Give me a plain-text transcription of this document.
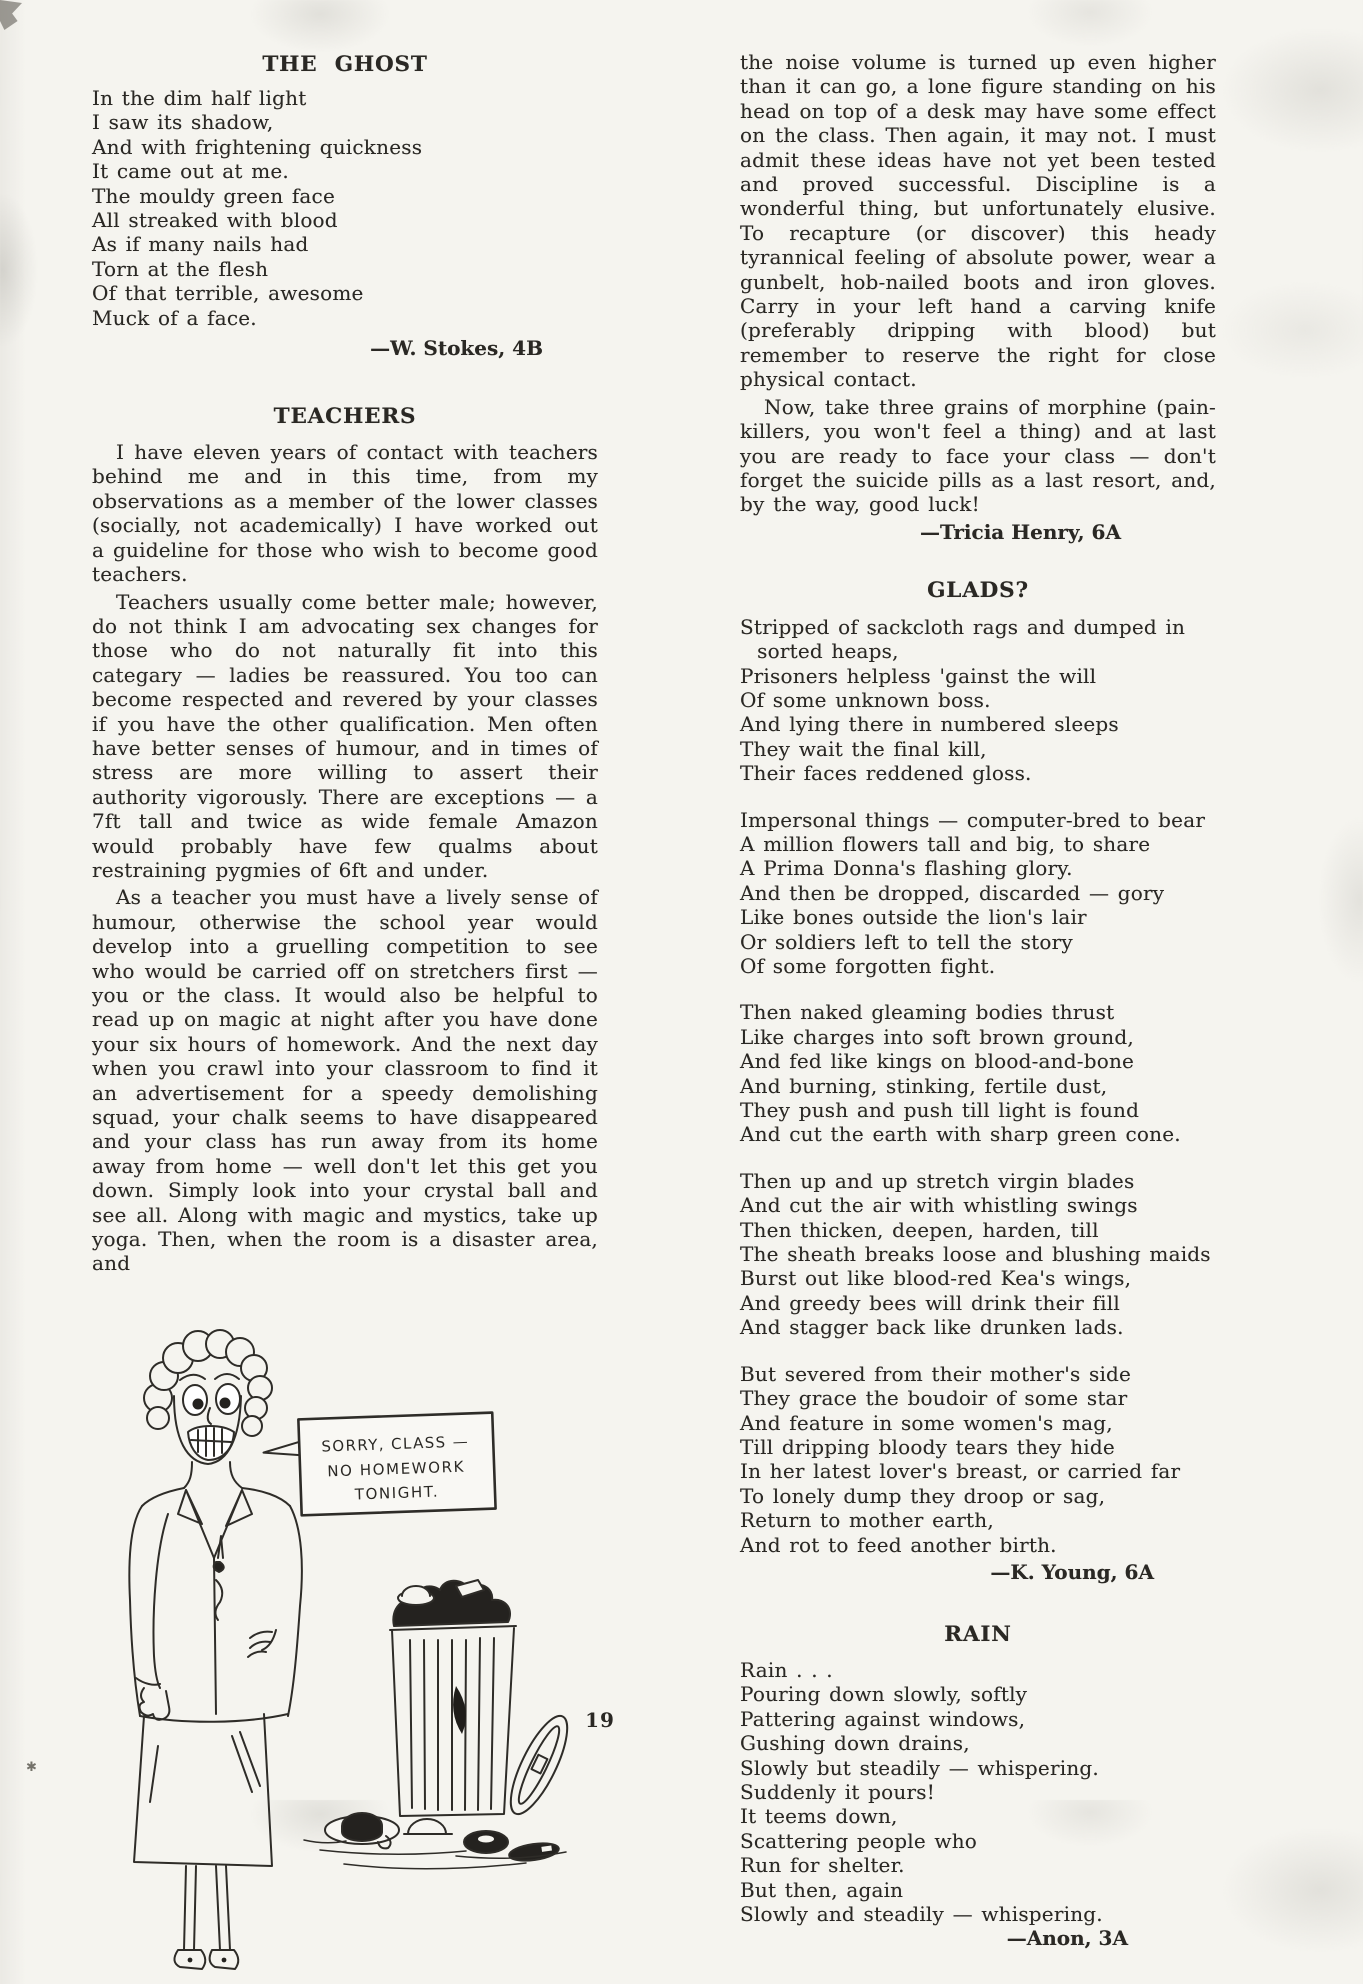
✱
THE GHOST
In the dim half light
I saw its shadow,
And with frightening quickness
It came out at me.
The mouldy green face
All streaked with blood
As if many nails had
Torn at the flesh
Of that terrible, awesome
Muck of a face.
—W. Stokes, 4B
TEACHERS
I have eleven years of contact with teachers behind me and in this time, from my observations as a member of the lower classes (socially, not academically) I have worked out a guideline for those who wish to become good teachers.
Teachers usually come better male; however, do not think I am advocating sex changes for those who do not naturally fit into this categary — ladies be reassured. You too can become respected and revered by your classes if you have the other qualification. Men often have better senses of humour, and in times of stress are more willing to assert their authority vigorously. There are exceptions — a 7ft tall and twice as wide female Amazon would probably have few qualms about restraining pygmies of 6ft and under.
As a teacher you must have a lively sense of humour, otherwise the school year would develop into a gruelling competition to see who would be carried off on stretchers first — you or the class. It would also be helpful to read up on magic at night after you have done your six hours of homework. And the next day when you crawl into your classroom to find it an advertisement for a speedy demolishing squad, your chalk seems to have disappeared and your class has run away from its home away from home — well don't let this get you down. Simply look into your crystal ball and see all. Along with magic and mystics, take up yoga. Then, when the room is a disaster area, and
SORRY, CLASS —
NO HOMEWORK
TONIGHT.
the noise volume is turned up even higher than it can go, a lone figure standing on his head on top of a desk may have some effect on the class. Then again, it may not. I must admit these ideas have not yet been tested and proved successful. Discipline is a wonderful thing, but unfortunately elusive. To recapture (or discover) this heady tyrannical feeling of absolute power, wear a gunbelt, hob-nailed boots and iron gloves. Carry in your left hand a carving knife (preferably dripping with blood) but remember to reserve the right for close physical contact.
Now, take three grains of morphine (pain-killers, you won't feel a thing) and at last you are ready to face your class — don't forget the suicide pills as a last resort, and, by the way, good luck!
—Tricia Henry, 6A
GLADS?
Stripped of sackcloth rags and dumped in
sorted heaps,
Prisoners helpless 'gainst the will
Of some unknown boss.
And lying there in numbered sleeps
They wait the final kill,
Their faces reddened gloss.
Impersonal things — computer-bred to bear
A million flowers tall and big, to share
A Prima Donna's flashing glory.
And then be dropped, discarded — gory
Like bones outside the lion's lair
Or soldiers left to tell the story
Of some forgotten fight.
Then naked gleaming bodies thrust
Like charges into soft brown ground,
And fed like kings on blood-and-bone
And burning, stinking, fertile dust,
They push and push till light is found
And cut the earth with sharp green cone.
Then up and up stretch virgin blades
And cut the air with whistling swings
Then thicken, deepen, harden, till
The sheath breaks loose and blushing maids
Burst out like blood-red Kea's wings,
And greedy bees will drink their fill
And stagger back like drunken lads.
But severed from their mother's side
They grace the boudoir of some star
And feature in some women's mag,
Till dripping bloody tears they hide
In her latest lover's breast, or carried far
To lonely dump they droop or sag,
Return to mother earth,
And rot to feed another birth.
—K. Young, 6A
RAIN
Rain . . .
Pouring down slowly, softly
Pattering against windows,
Gushing down drains,
Slowly but steadily — whispering.
Suddenly it pours!
It teems down,
Scattering people who
Run for shelter.
But then, again
Slowly and steadily — whispering.
—Anon, 3A
19
